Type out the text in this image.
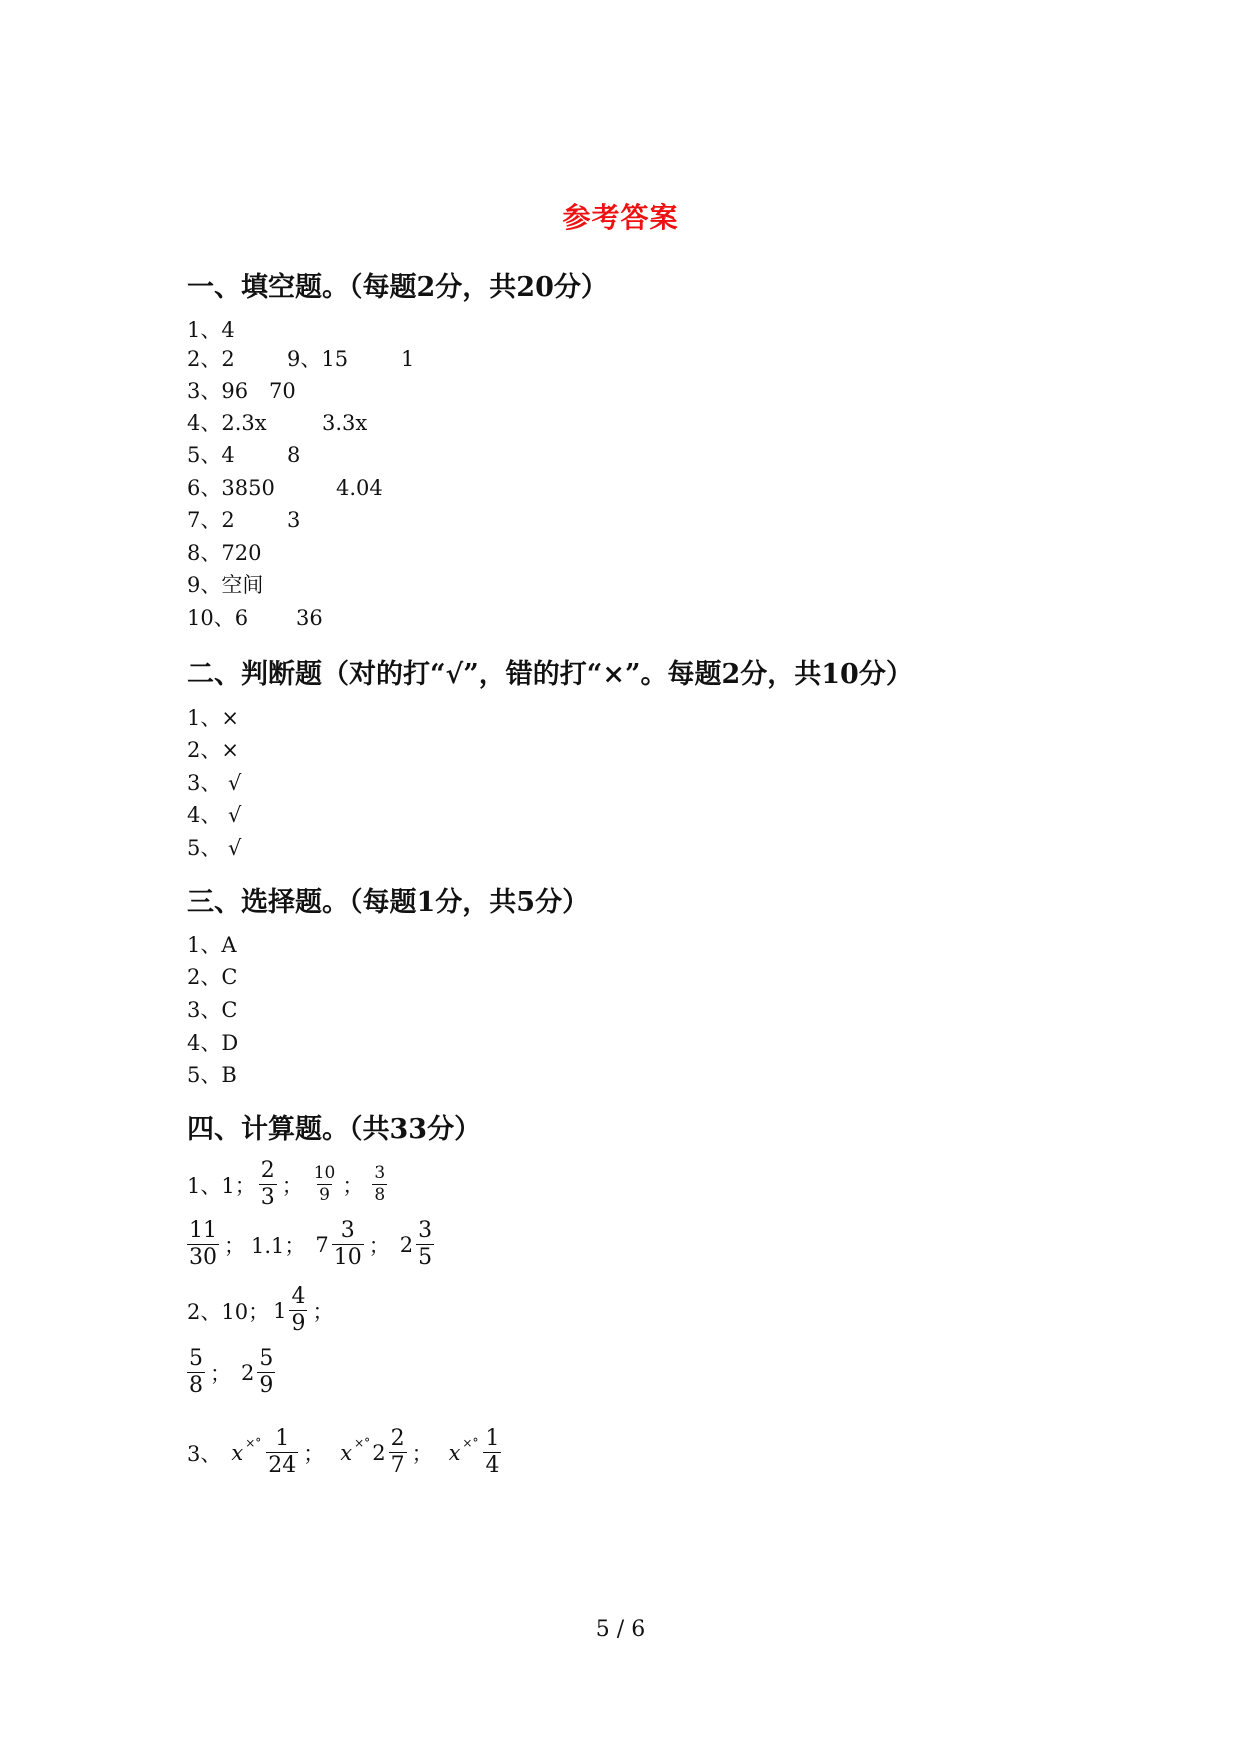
参考答案
一、填空题。（每题2分，共20分）
1、4
2、2 9、15	1
3、96 70
4、2.3x	3.3x
5、4 8
6、3850	4.04
7、2 3
8、720
9、空间
10、6 36
二、判断题（对的打“√”，错的打“×”。每题2分，共10分）
1、×
2、×
3、 √
4、 √
5、 √
三、选择题。（每题1分，共5分）
1、A
2、C
3、C
4、D
5、B
四、计算题。（共33分）
1、1； $\frac{2}{3}$ ； $\frac{10}{9}$ ； $\frac{3}{8}$
$\frac{11}{30}$ ； 1.1； $7 \frac{3}{10}$ ； $2 \frac{3}{5}$
2、10； $1 \frac{4}{9}$ ；
$\frac{5}{8}$ ； $2 \frac{5}{9}$
3、 x ×° $\frac{1}{24}$ ； x ×° $2 \frac{2}{7}$ ； x ×° $\frac{1}{4}$
5 / 6
